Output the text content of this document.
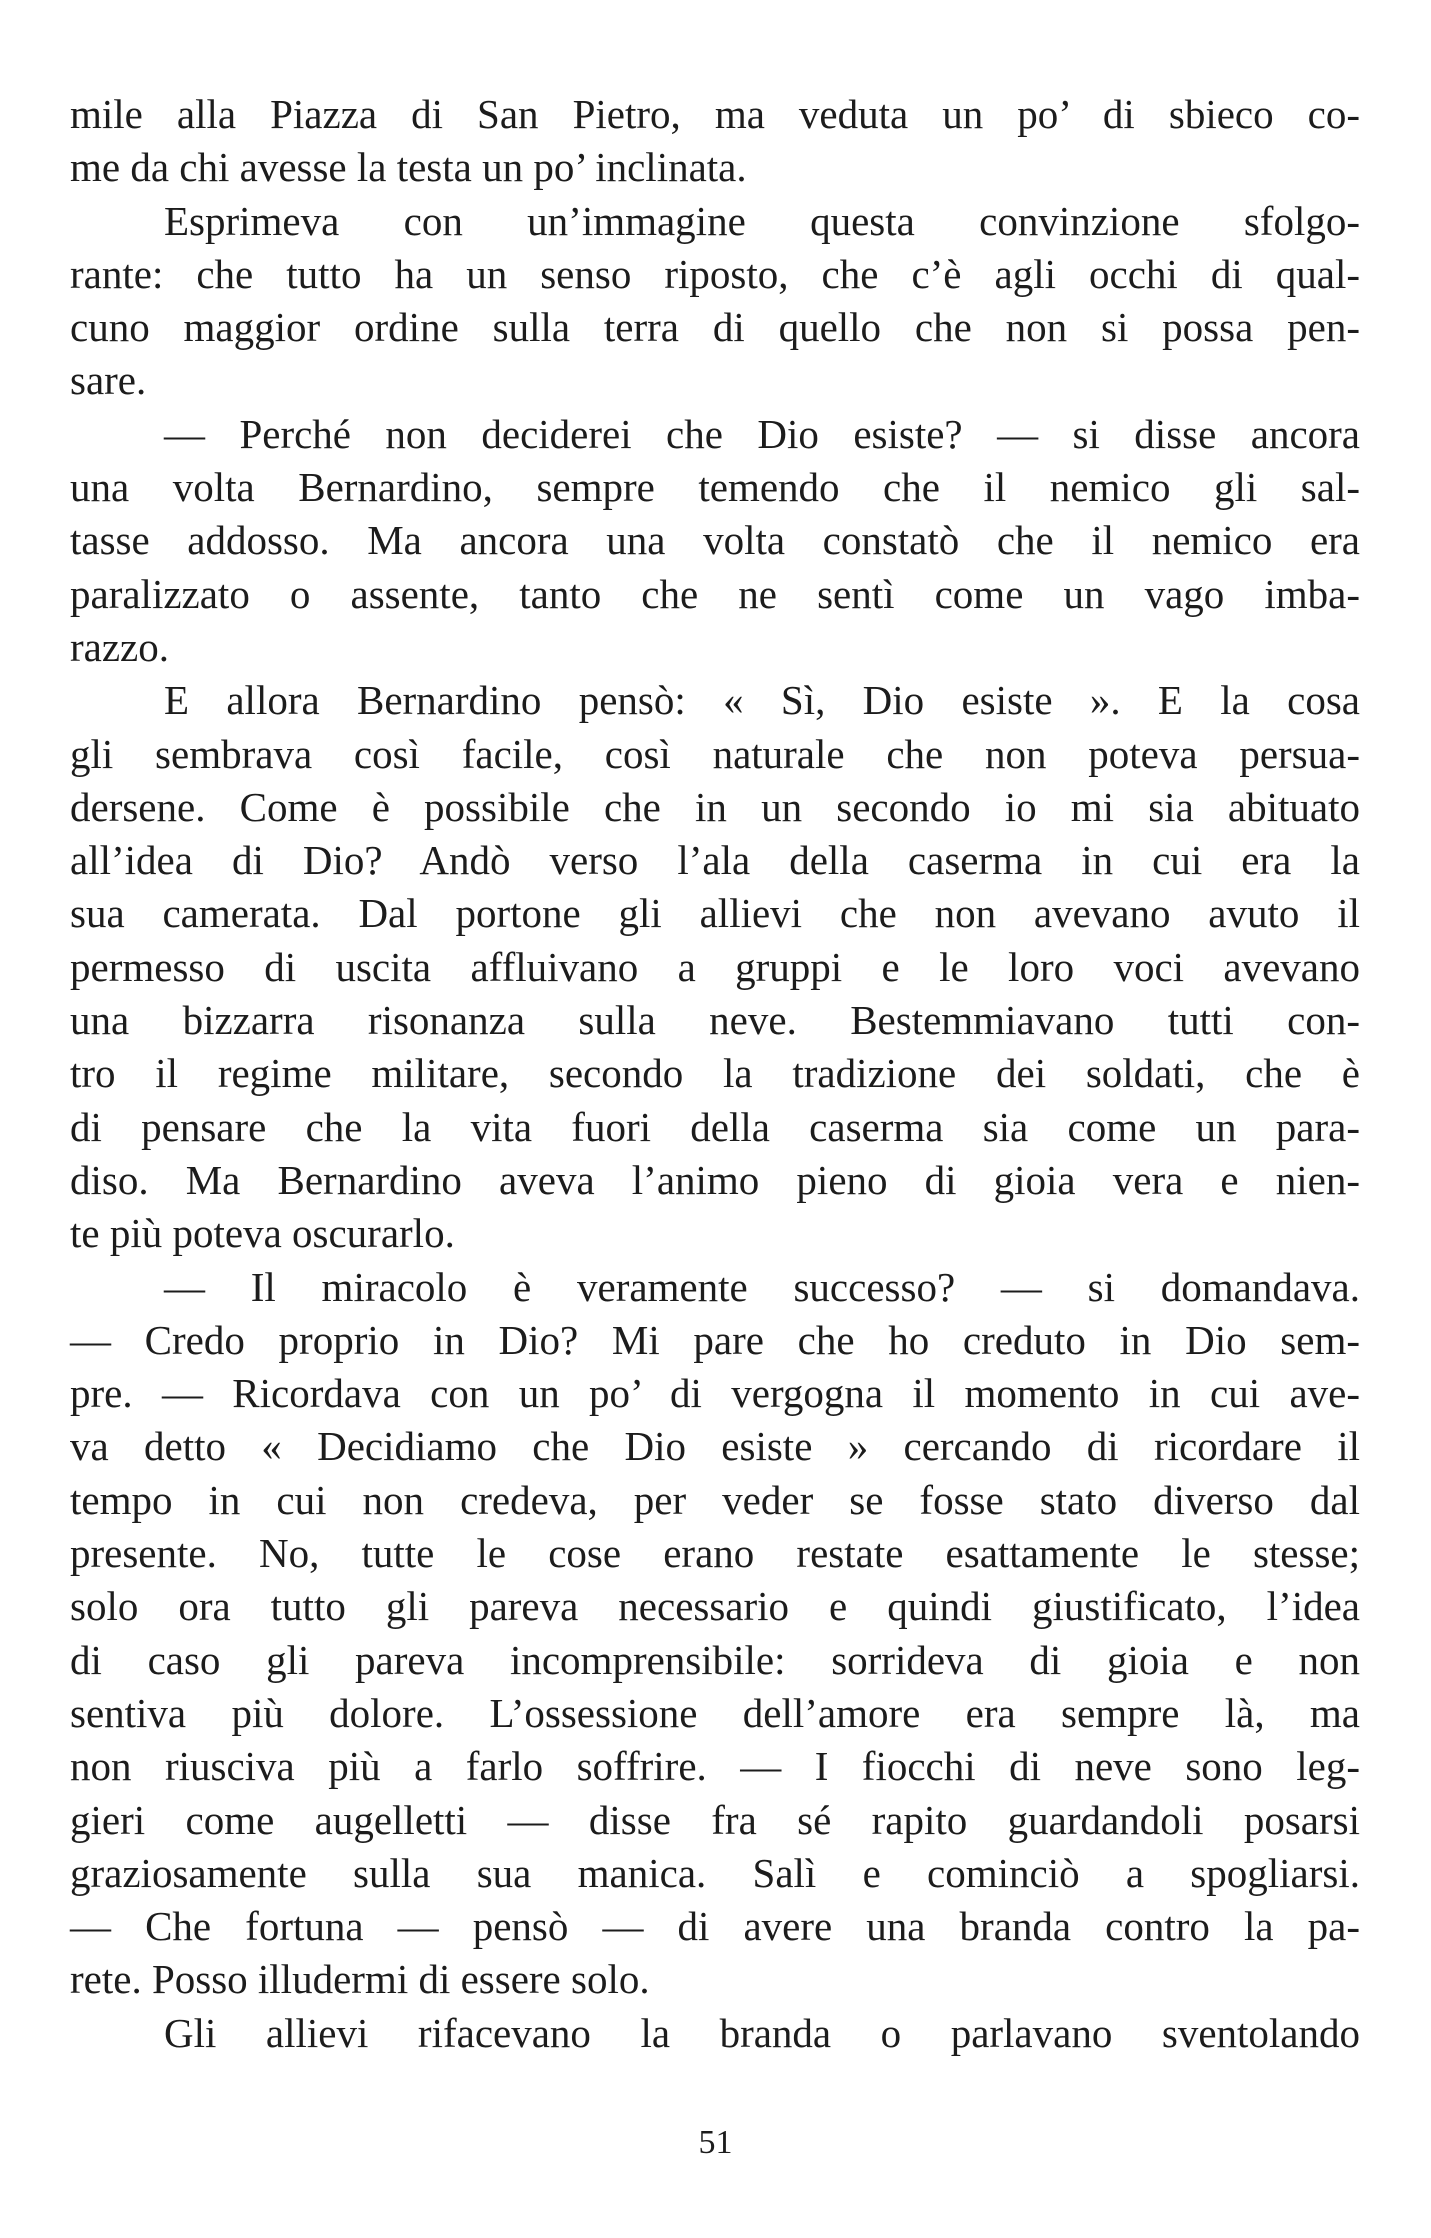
mile alla Piazza di San Pietro, ma veduta un po’ di sbieco co-
me da chi avesse la testa un po’ inclinata.
Esprimeva con un’immagine questa convinzione sfolgo-
rante: che tutto ha un senso riposto, che c’è agli occhi di qual-
cuno maggior ordine sulla terra di quello che non si possa pen-
sare.
— Perché non deciderei che Dio esiste? — si disse ancora
una volta Bernardino, sempre temendo che il nemico gli sal-
tasse addosso. Ma ancora una volta constatò che il nemico era
paralizzato o assente, tanto che ne sentì come un vago imba-
razzo.
E allora Bernardino pensò: « Sì, Dio esiste ». E la cosa
gli sembrava così facile, così naturale che non poteva persua-
dersene. Come è possibile che in un secondo io mi sia abituato
all’idea di Dio? Andò verso l’ala della caserma in cui era la
sua camerata. Dal portone gli allievi che non avevano avuto il
permesso di uscita affluivano a gruppi e le loro voci avevano
una bizzarra risonanza sulla neve. Bestemmiavano tutti con-
tro il regime militare, secondo la tradizione dei soldati, che è
di pensare che la vita fuori della caserma sia come un para-
diso. Ma Bernardino aveva l’animo pieno di gioia vera e nien-
te più poteva oscurarlo.
— Il miracolo è veramente successo? — si domandava.
— Credo proprio in Dio? Mi pare che ho creduto in Dio sem-
pre. — Ricordava con un po’ di vergogna il momento in cui ave-
va detto « Decidiamo che Dio esiste » cercando di ricordare il
tempo in cui non credeva, per veder se fosse stato diverso dal
presente. No, tutte le cose erano restate esattamente le stesse;
solo ora tutto gli pareva necessario e quindi giustificato, l’idea
di caso gli pareva incomprensibile: sorrideva di gioia e non
sentiva più dolore. L’ossessione dell’amore era sempre là, ma
non riusciva più a farlo soffrire. — I fiocchi di neve sono leg-
gieri come augelletti — disse fra sé rapito guardandoli posarsi
graziosamente sulla sua manica. Salì e cominciò a spogliarsi.
— Che fortuna — pensò — di avere una branda contro la pa-
rete. Posso illudermi di essere solo.
Gli allievi rifacevano la branda o parlavano sventolando
51
